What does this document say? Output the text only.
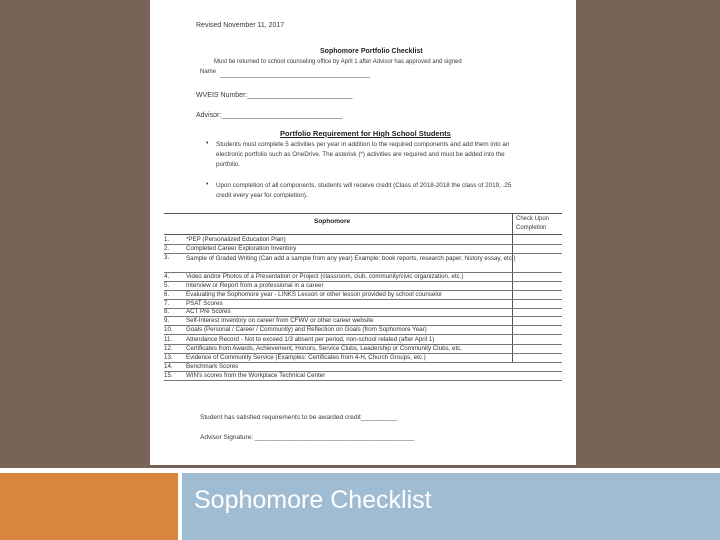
Sophomore Checklist
Revised November 11, 2017
Sophomore Portfolio Checklist
Must be returned to school counseling office by April 1 after Advisor has approved and signed
Name
WVEIS Number:___________________________
Advisor:_______________________________
Portfolio Requirement for High School Students
• Students must complete 5 activities per year in addition to the required components and add them into an electronic portfolio such as OneDrive. The asterisk (*) activities are required and must be added into the portfolio.
• Upon completion of all components, students will receive credit (Class of 2018-2018 the class of 2019, .25 credit every year for completion).
Sophomore	Check Upon Completion
1.	*PEP (Personalized Education Plan)
2.	Completed Career Exploration Inventory
3.	Sample of Graded Writing (Can add a sample from any year) Example: book reports, research paper, history essay, etc.)
4.	Video and/or Photos of a Presentation or Project (classroom, club, community/civic organization, etc.)
5.	Interview or Report from a professional in a career
6.	Evaluating the Sophomore year - LINKS Lesson or other lesson provided by school counselor
7.	PSAT Scores
8.	ACT Pre Scores
9.	Self-Interest Inventory on career from CFWV or other career website
10. Goals (Personal / Career / Community) and Reflection on Goals (from Sophomore Year)
11. Attendance Record - Not to exceed 1/3 absent per period, non-school related (after April 1)
12. Certificates from Awards, Achievement, Honors, Service Clubs, Leadership or Community Clubs, etc.
13. Evidence of Community Service (Examples: Certificates from 4-H, Church Groups, etc.)
14. Benchmark Scores
15. WIN's scores from the Workplace Technical Center
Student has satisfied requirements to be awarded credit__________
Advisor Signature: ____________________________________________
